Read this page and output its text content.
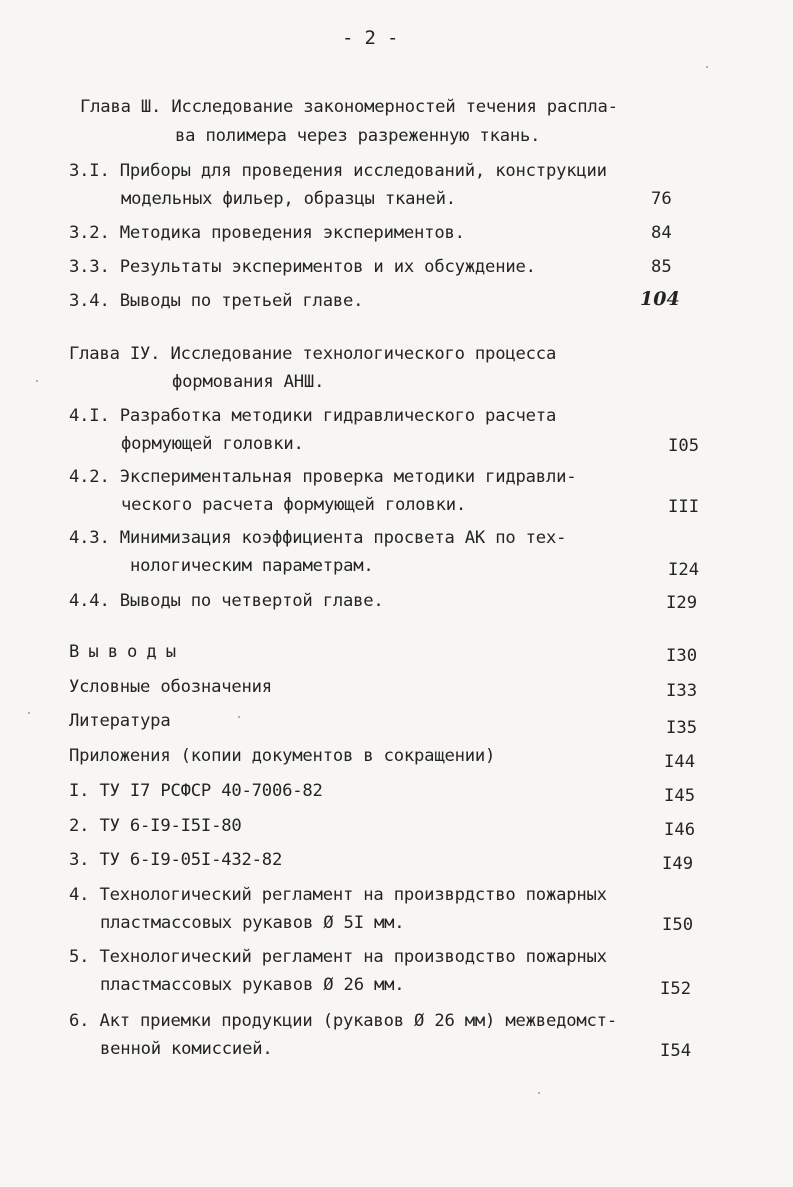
- 2 -
Глава Ш. Исследование закономерностей течения распла-
ва полимера через разреженную ткань.
3.I. Приборы для проведения исследований, конструкции
модельных фильер, образцы тканей.	76
3.2. Методика проведения экспериментов.	84
3.3. Результаты экспериментов и их обсуждение.	85
3.4. Выводы по третьей главе.	104
Глава IУ. Исследование технологического процесса
формования АНШ.
4.I. Разработка методики гидравлического расчета
формующей головки.	I05
4.2. Экспериментальная проверка методики гидравли-
ческого расчета формующей головки.	III
4.3. Минимизация коэффициента просвета АК по тех-
нологическим параметрам.	I24
4.4. Выводы по четвертой главе.	I29
Выводы	I30
Условные обозначения	I33
Литература	I35
Приложения (копии документов в сокращении)	I44
I. ТУ I7 РСФСР 40-7006-82	I45
2. ТУ 6-I9-I5I-80	I46
3. ТУ 6-I9-05I-432-82	I49
4. Технологический регламент на произврдство пожарных
пластмассовых рукавов Ø 5I мм.	I50
5. Технологический регламент на производство пожарных
пластмассовых рукавов Ø 26 мм.	I52
6. Акт приемки продукции (рукавов Ø 26 мм) межведомст-
венной комиссией.	I54
